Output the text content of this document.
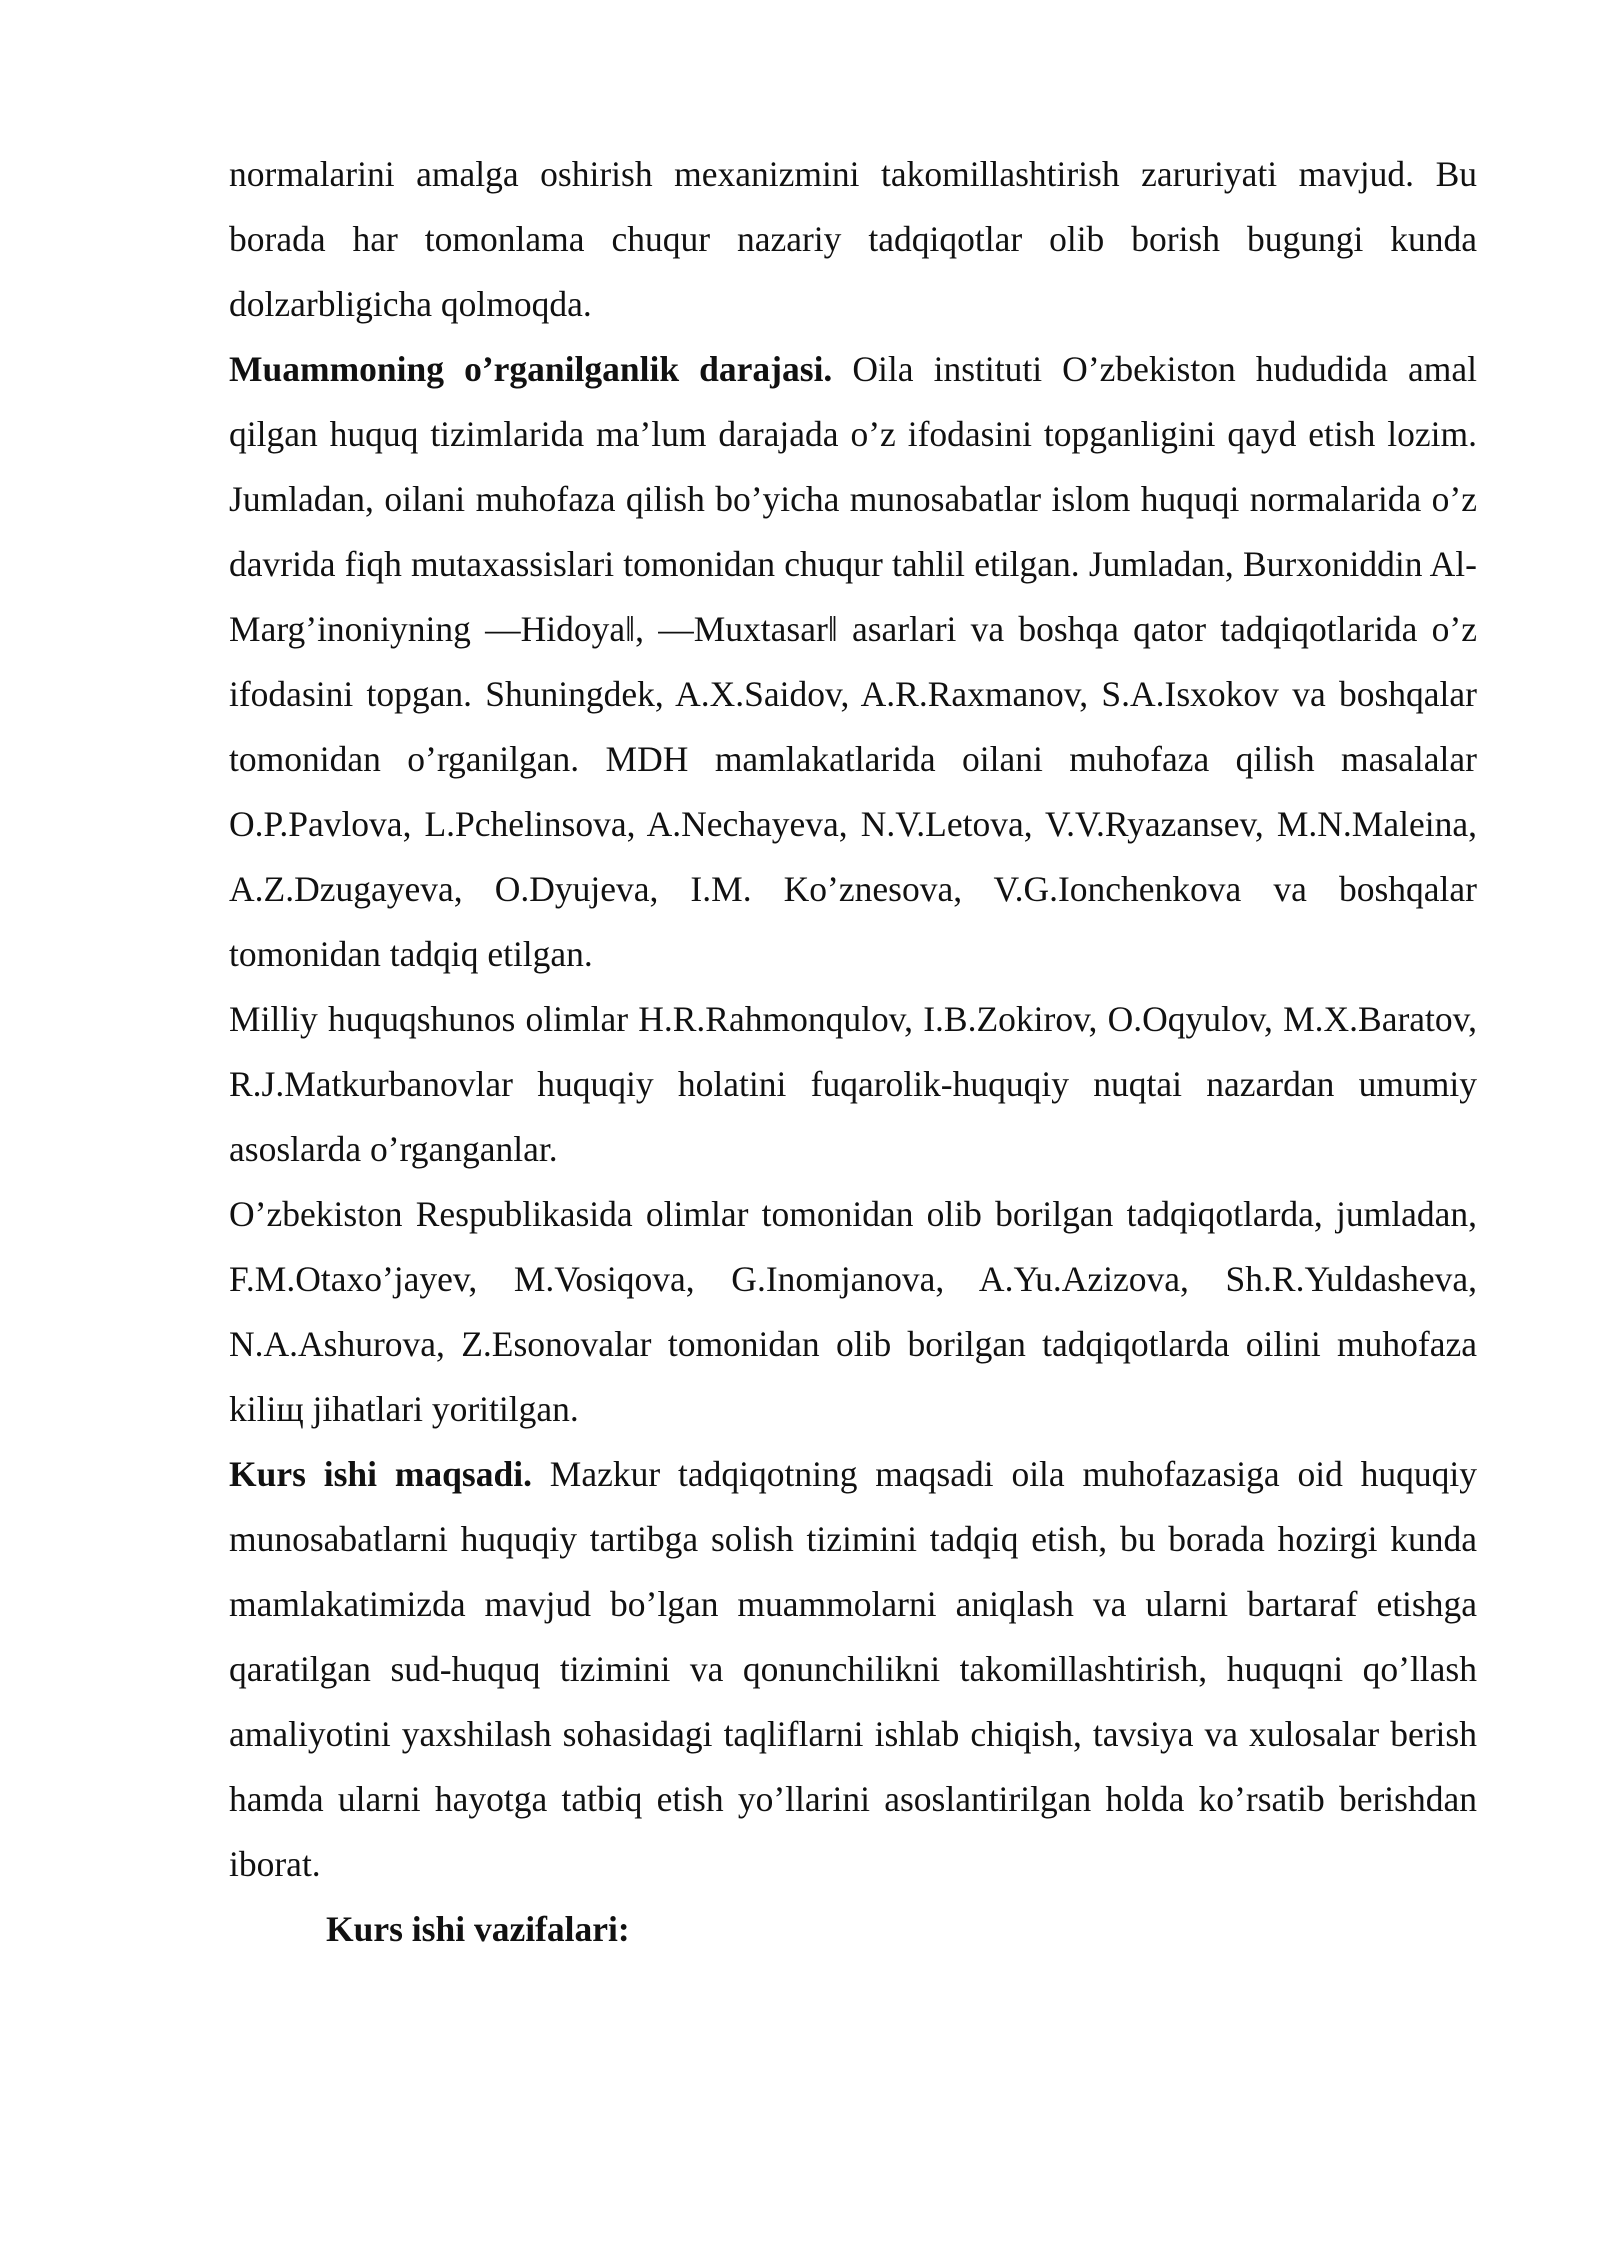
normalarini amalga oshirish mexanizmini takomillashtirish zaruriyati mavjud. Bu borada har tomonlama chuqur nazariy tadqiqotlar olib borish bugungi kunda dolzarbligicha qolmoqda.

Muammoning o’rganilganlik darajasi. Oila instituti O’zbekiston hududida amal qilgan huquq tizimlarida ma’lum darajada o’z ifodasini topganligini qayd etish lozim. Jumladan, oilani muhofaza qilish bo’yicha munosabatlar islom huquqi normalarida o’z davrida fiqh mutaxassislari tomonidan chuqur tahlil etilgan. Jumladan, Burxoniddin Al-Marg’inoniyning ―Hidoya‖, ―Muxtasar‖ asarlari va boshqa qator tadqiqotlarida o’z ifodasini topgan. Shuningdek, A.X.Saidov, A.R.Raxmanov, S.A.Isxokov va boshqalar tomonidan o’rganilgan. MDH mamlakatlarida oilani muhofaza qilish masalalar O.P.Pavlova, L.Pchelinsova, A.Nechayeva, N.V.Letova, V.V.Ryazansev, M.N.Maleina, A.Z.Dzugayeva, O.Dyujeva, I.M. Ko’znesova, V.G.Ionchenkova va boshqalar tomonidan tadqiq etilgan.

Milliy huquqshunos olimlar H.R.Rahmonqulov, I.B.Zokirov, O.Oqyulov, M.X.Baratov, R.J.Matkurbanovlar huquqiy holatini fuqarolik-huquqiy nuqtai nazardan umumiy asoslarda o’rganganlar.

O’zbekiston Respublikasida olimlar tomonidan olib borilgan tadqiqotlarda, jumladan, F.M.Otaxo’jayev, M.Vosiqova, G.Inomjanova, A.Yu.Azizova, Sh.R.Yuldasheva, N.A.Ashurova, Z.Esonovalar tomonidan olib borilgan tadqiqotlarda oilini muhofaza kiliщ jihatlari yoritilgan.

Kurs ishi maqsadi. Mazkur tadqiqotning maqsadi oila muhofazasiga oid huquqiy munosabatlarni huquqiy tartibga solish tizimini tadqiq etish, bu borada hozirgi kunda mamlakatimizda mavjud bo’lgan muammolarni aniqlash va ularni bartaraf etishga qaratilgan sud-huquq tizimini va qonunchilikni takomillashtirish, huquqni qo’llash amaliyotini yaxshilash sohasidagi taqliflarni ishlab chiqish, tavsiya va xulosalar berish hamda ularni hayotga tatbiq etish yo’llarini asoslantirilgan holda ko’rsatib berishdan iborat.

Kurs ishi vazifalari:
